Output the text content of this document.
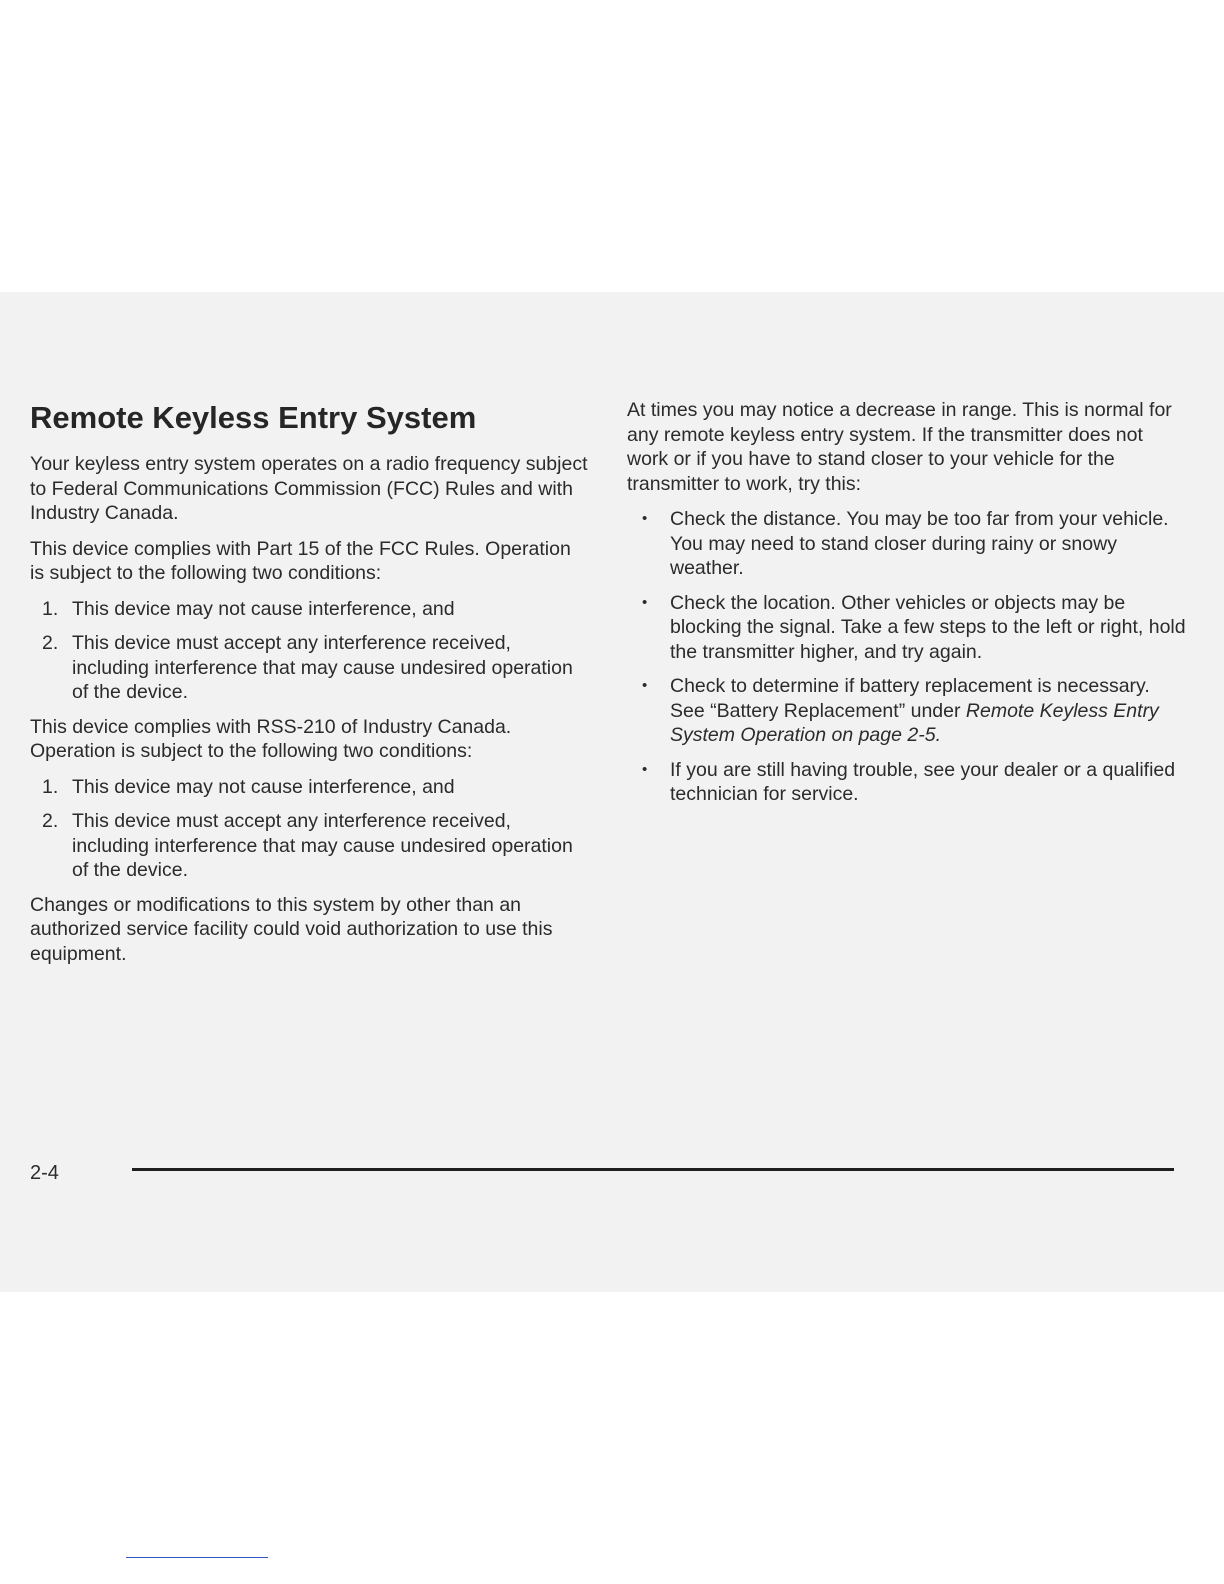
Remote Keyless Entry System

Your keyless entry system operates on a radio frequency subject to Federal Communications Commission (FCC) Rules and with Industry Canada.

This device complies with Part 15 of the FCC Rules. Operation is subject to the following two conditions:

1. This device may not cause interference, and
2. This device must accept any interference received, including interference that may cause undesired operation of the device.

This device complies with RSS-210 of Industry Canada. Operation is subject to the following two conditions:

1. This device may not cause interference, and
2. This device must accept any interference received, including interference that may cause undesired operation of the device.

Changes or modifications to this system by other than an authorized service facility could void authorization to use this equipment.

At times you may notice a decrease in range. This is normal for any remote keyless entry system. If the transmitter does not work or if you have to stand closer to your vehicle for the transmitter to work, try this:

• Check the distance. You may be too far from your vehicle. You may need to stand closer during rainy or snowy weather.
• Check the location. Other vehicles or objects may be blocking the signal. Take a few steps to the left or right, hold the transmitter higher, and try again.
• Check to determine if battery replacement is necessary. See “Battery Replacement” under Remote Keyless Entry System Operation on page 2-5.
• If you are still having trouble, see your dealer or a qualified technician for service.
2-4
